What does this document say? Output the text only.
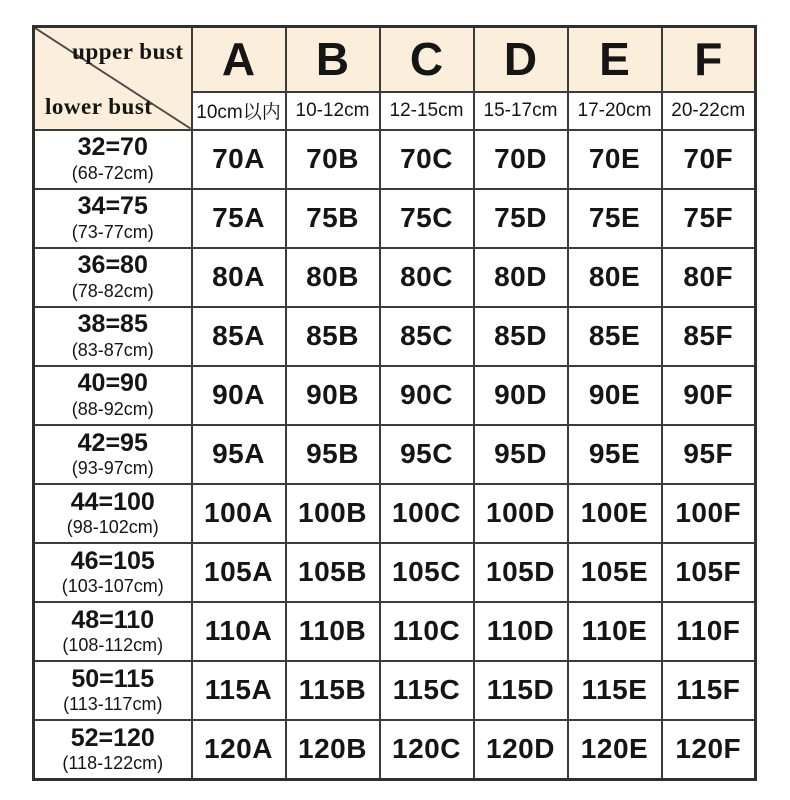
upper bust
lower bust	A	B	C	D	E	F
	10cm以内	10-12cm	12-15cm	15-17cm	17-20cm	20-22cm

32=70
(68-72cm)	70A	70B	70C	70D	70E	70F

34=75
(73-77cm)	75A	75B	75C	75D	75E	75F

36=80
(78-82cm)	80A	80B	80C	80D	80E	80F

38=85
(83-87cm)	85A	85B	85C	85D	85E	85F

40=90
(88-92cm)	90A	90B	90C	90D	90E	90F

42=95
(93-97cm)	95A	95B	95C	95D	95E	95F

44=100
(98-102cm)	100A	100B	100C	100D	100E	100F

46=105
(103-107cm)	105A	105B	105C	105D	105E	105F

48=110
(108-112cm)	110A	110B	110C	110D	110E	110F

50=115
(113-117cm)	115A	115B	115C	115D	115E	115F

52=120
(118-122cm)	120A	120B	120C	120D	120E	120F
